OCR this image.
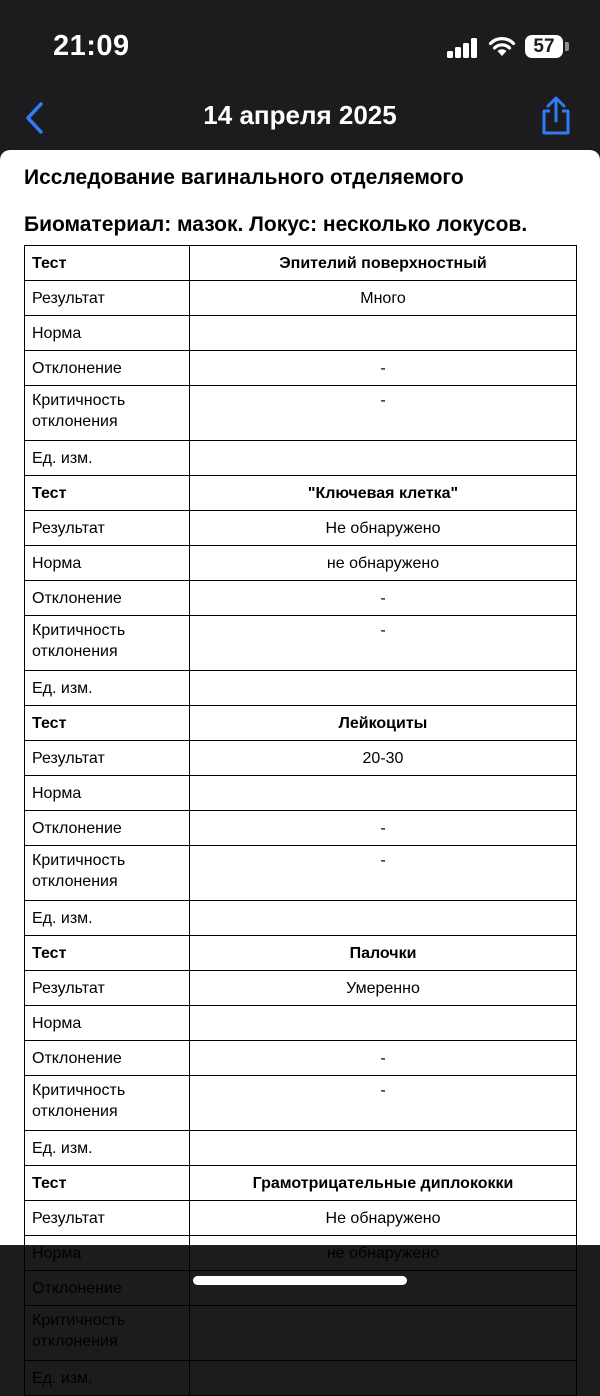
21:09	57
14 апреля 2025
Исследование вагинального отделяемого
Биоматериал: мазок. Локус: несколько локусов.
Тест	Эпителий поверхностный
Результат	Много
Норма	
Отклонение	-
Критичность отклонения	-
Ед. изм.	
Тест	"Ключевая клетка"
Результат	Не обнаружено
Норма	не обнаружено
Отклонение	-
Критичность отклонения	-
Ед. изм.	
Тест	Лейкоциты
Результат	20-30
Норма	
Отклонение	-
Критичность отклонения	-
Ед. изм.	
Тест	Палочки
Результат	Умеренно
Норма	
Отклонение	-
Критичность отклонения	-
Ед. изм.	
Тест	Грамотрицательные диплококки
Результат	Не обнаружено
Норма	не обнаружено
Отклонение	
Критичность отклонения	
Ед. изм.	
